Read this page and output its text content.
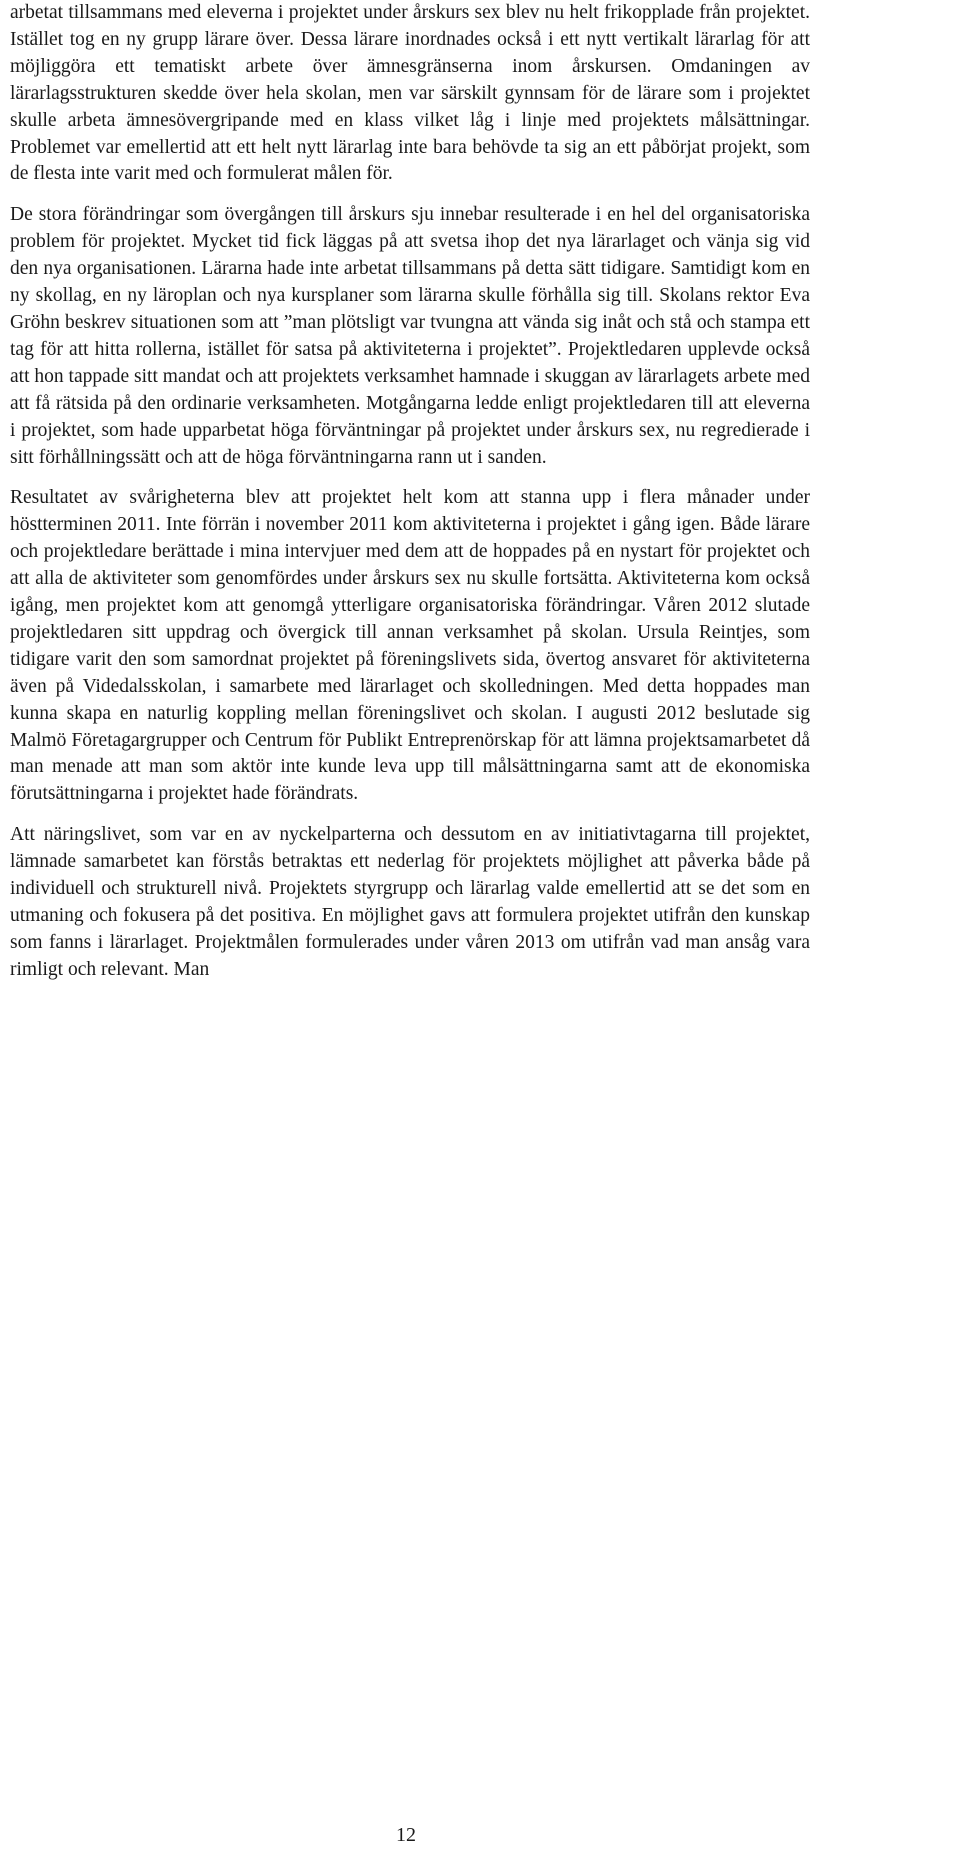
arbetat tillsammans med eleverna i projektet under årskurs sex blev nu helt frikopplade från projektet. Istället tog en ny grupp lärare över. Dessa lärare inordnades också i ett nytt vertikalt lärarlag för att möjliggöra ett tematiskt arbete över ämnesgränserna inom årskursen. Omdaningen av lärarlagsstrukturen skedde över hela skolan, men var särskilt gynnsam för de lärare som i projektet skulle arbeta ämnesövergripande med en klass vilket låg i linje med projektets målsättningar. Problemet var emellertid att ett helt nytt lärarlag inte bara behövde ta sig an ett påbörjat projekt, som de flesta inte varit med och formulerat målen för.

De stora förändringar som övergången till årskurs sju innebar resulterade i en hel del organisatoriska problem för projektet. Mycket tid fick läggas på att svetsa ihop det nya lärarlaget och vänja sig vid den nya organisationen. Lärarna hade inte arbetat tillsammans på detta sätt tidigare. Samtidigt kom en ny skollag, en ny läroplan och nya kursplaner som lärarna skulle förhålla sig till. Skolans rektor Eva Gröhn beskrev situationen som att ”man plötsligt var tvungna att vända sig inåt och stå och stampa ett tag för att hitta rollerna, istället för satsa på aktiviteterna i projektet”. Projektledaren upplevde också att hon tappade sitt mandat och att projektets verksamhet hamnade i skuggan av lärarlagets arbete med att få rätsida på den ordinarie verksamheten. Motgångarna ledde enligt projektledaren till att eleverna i projektet, som hade upparbetat höga förväntningar på projektet under årskurs sex, nu regredierade i sitt förhållningssätt och att de höga förväntningarna rann ut i sanden.

Resultatet av svårigheterna blev att projektet helt kom att stanna upp i flera månader under höstterminen 2011. Inte förrän i november 2011 kom aktiviteterna i projektet i gång igen. Både lärare och projektledare berättade i mina intervjuer med dem att de hoppades på en nystart för projektet och att alla de aktiviteter som genomfördes under årskurs sex nu skulle fortsätta. Aktiviteterna kom också igång, men projektet kom att genomgå ytterligare organisatoriska förändringar. Våren 2012 slutade projektledaren sitt uppdrag och övergick till annan verksamhet på skolan. Ursula Reintjes, som tidigare varit den som samordnat projektet på föreningslivets sida, övertog ansvaret för aktiviteterna även på Videdalsskolan, i samarbete med lärarlaget och skolledningen. Med detta hoppades man kunna skapa en naturlig koppling mellan föreningslivet och skolan. I augusti 2012 beslutade sig Malmö Företagargrupper och Centrum för Publikt Entreprenörskap för att lämna projektsamarbetet då man menade att man som aktör inte kunde leva upp till målsättningarna samt att de ekonomiska förutsättningarna i projektet hade förändrats.

Att näringslivet, som var en av nyckelparterna och dessutom en av initiativtagarna till projektet, lämnade samarbetet kan förstås betraktas ett nederlag för projektets möjlighet att påverka både på individuell och strukturell nivå. Projektets styrgrupp och lärarlag valde emellertid att se det som en utmaning och fokusera på det positiva. En möjlighet gavs att formulera projektet utifrån den kunskap som fanns i lärarlaget. Projektmålen formulerades under våren 2013 om utifrån vad man ansåg vara rimligt och relevant. Man

12
